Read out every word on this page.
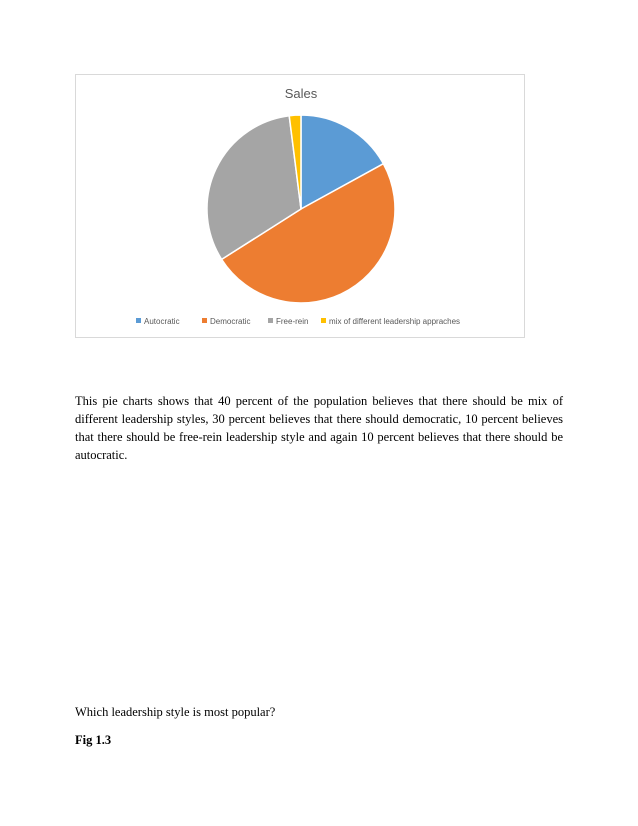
Sales
Autocratic	Democratic	Free-rein	mix of different leadership appraches

This pie charts shows that 40 percent of the population believes that there should be mix of different leadership styles, 30 percent believes that there should democratic, 10 percent believes that there should be free-rein leadership style and again 10 percent believes that there should be autocratic.

Which leadership style is most popular?

Fig 1.3
